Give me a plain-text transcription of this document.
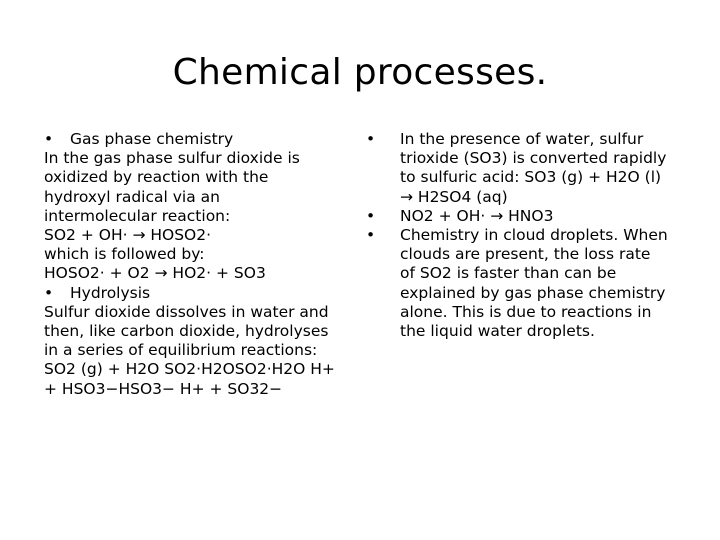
Chemical processes.
• Gas phase chemistry
In the gas phase sulfur dioxide is
oxidized by reaction with the
hydroxyl radical via an
intermolecular reaction:
SO2 + OH· → HOSO2·
which is followed by:
HOSO2· + O2 → HO2· + SO3
• Hydrolysis
Sulfur dioxide dissolves in water and
then, like carbon dioxide, hydrolyses
in a series of equilibrium reactions:
SO2 (g) + H2O SO2·H2OSO2·H2O H+
+ HSO3−HSO3− H+ + SO32−
• In the presence of water, sulfur
trioxide (SO3) is converted rapidly
to sulfuric acid: SO3 (g) + H2O (l)
→ H2SO4 (aq)
• NO2 + OH· → HNO3
• Chemistry in cloud droplets. When
clouds are present, the loss rate
of SO2 is faster than can be
explained by gas phase chemistry
alone. This is due to reactions in
the liquid water droplets.
